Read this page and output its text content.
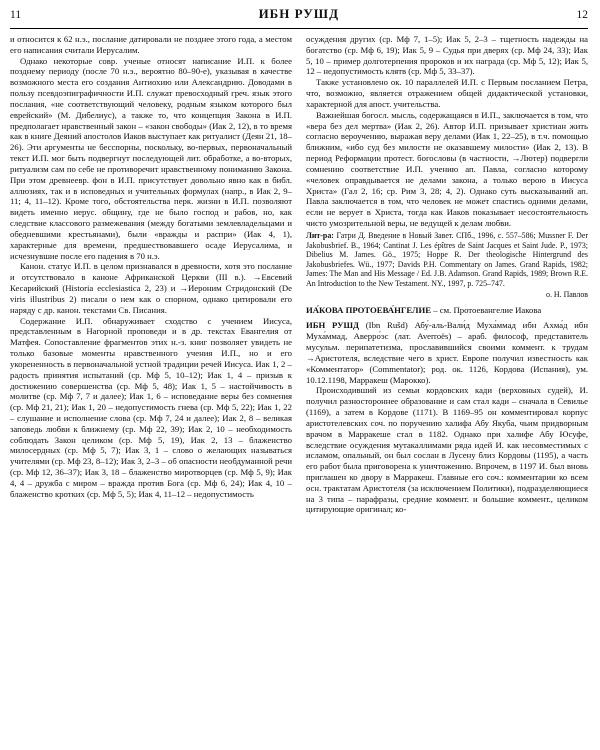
11	ИБН РУШД	12

и относится к 62 н.э., послание датировали не позднее этого года, а местом его написания считали Иерусалим.

Однако некоторые совр. ученые относят написание И.П. к более позднему периоду (после 70 н.э., вероятно 80–90-е), указывая в качестве возможного места его создания Антиохию или Александрию. Доводами в пользу псевдоэпиграфичности И.П. служат превосходный греч. язык этого послания, «не соответствующий человеку, родным языком которого был еврейский» (М. Дибелиус), а также то, что концепция Закона в И.П. предполагает нравственный закон – «закон свободы» (Иак 2, 12), в то время как в книге Деяний апостолов Иаков выступает как ритуалист (Деян 21, 18–26). Эти аргументы не бесспорны, поскольку, во-первых, первоначальный текст И.П. мог быть подвергнут последующей лит. обработке, а во-вторых, ритуализм сам по себе не противоречит нравственному пониманию Закона. При этом древнеевр. фон в И.П. присутствует довольно явно как в библ. аллюзиях, так и в исповедных и учительных формулах (напр., в Иак 2, 9–11; 4, 11–12). Кроме того, обстоятельства перк. жизни в И.П. позволяют видеть именно иерус. общину, где не было господ и рабов, но, как следствие классового размежевания (между богатыми землевладельцами и обедневшими крестьянами), были «вражды и распри» (Иак 4, 1), характерные для времени, предшествовавшего осаде Иерусалима, и исчезнувшие после его падения в 70 н.э.

Канон. статус И.П. в целом признавался в древности, хотя это послание и отсутствовало в каноне Африканской Церкви (III в.). →Евсевий Кесарийский (Historia ecclesiastica 2, 23) и →Иероним Стридонский (De viris illustribus 2) писали о нем как о спорном, однако цитировали его наряду с др. канон. текстами Св. Писания.

Содержание И.П. обнаруживает сходство с учением Иисуса, представленным в Нагорной проповеди и в др. текстах Евангелия от Матфея. Сопоставление фрагментов этих н.-з. книг позволяет увидеть не только базовые моменты нравственного учения И.П., но и его укорененность в первоначальной устной традиции речей Иисуса. Иак 1, 2 – радость принятия испытаний (ср. Мф 5, 10–12); Иак 1, 4 – призыв к достижению совершенства (ср. Мф 5, 48); Иак 1, 5 – настойчивость в молитве (ср. Мф 7, 7 и далее); Иак 1, 6 – исповедание веры без сомнения (ср. Мф 21, 21); Иак 1, 20 – недопустимость гнева (ср. Мф 5, 22); Иак 1, 22 – слушание и исполнение слова (ср. Мф 7, 24 и далее); Иак 2, 8 – великая заповедь любви к ближнему (ср. Мф 22, 39); Иак 2, 10 – необходимость соблюдать Закон целиком (ср. Мф 5, 19), Иак 2, 13 – блаженство милосердных (ср. Мф 5, 7); Иак 3, 1 – слово о желающих называться учителями (ср. Мф 23, 8–12); Иак 3, 2–3 – об опасности необдуманной речи (ср. Мф 12, 36–37); Иак 3, 18 – блаженство миротворцев (ср. Мф 5, 9); Иак 4, 4 – дружба с миром – вражда против Бога (ср. Мф 6, 24); Иак 4, 10 – блаженство кротких (ср. Мф 5, 5); Иак 4, 11–12 – недопустимость

осуждения других (ср. Мф 7, 1–5); Иак 5, 2–3 – тщетность надежды на богатство (ср. Мф 6, 19); Иак 5, 9 – Судья при дверях (ср. Мф 24, 33); Иак 5, 10 – пример долготерпения пророков и их награда (ср. Мф 5, 12); Иак 5, 12 – недопустимость клятв (ср. Мф 5, 33–37).

Также установлено ок. 10 параллелей И.П. с Первым посланием Петра, что, возможно, является отражением общей дидактической установки, характерной для апост. учительства.

Важнейшая богосл. мысль, содержащаяся в И.П., заключается в том, что «вера без дел мертва» (Иак 2, 26). Автор И.П. призывает христиан жить согласно вероучению, выражая веру делами (Иак 1, 22–25), в т.ч. помощью ближним, «ибо суд без милости не оказавшему милости» (Иак 2, 13). В период Реформации протест. богословы (в частности, →Лютер) подвергли сомнению соответствие И.П. учению ап. Павла, согласно которому «человек оправдывается не делами закона, а только верою в Иисуса Христа» (Гал 2, 16; ср. Рим 3, 28; 4, 2). Однако суть высказываний ап. Павла заключается в том, что человек не может спастись одними делами, если не верует в Христа, тогда как Иаков показывает несостоятельность чисто умозрительной веры, не ведущей к делам любви.

Лит-ра: Гатри Д. Введение в Новый Завет. СПб., 1996, с. 557–586; Mussner F. Der Jakobusbrief. B., 1964; Cantinat J. Les épîtres de Saint Jacques et Saint Jude. P., 1973; Dibelius M. James. Gö., 1975; Hoppe R. Der theologische Hintergrund des Jakobusbriefes. Wü., 1977; Davids P.H. Commentary on James. Grand Rapids, 1982; James: The Man and His Message / Ed. J.B. Adamson. Grand Rapids, 1989; Brown R.E. An Introduction to the New Testament. NY., 1997, p. 725–747.

о. Н. Павлов

ИА́КОВА ПРОТОЕВА́НГЕЛИЕ – см. Протоевангелие Иакова

ИБН РУШД (Ibn Rušd) Абу́-аль-Вали́д Муха́ммад ибн Ахма́д ибн Муха́ммад, Аверро́эс (лат. Averroës) – араб. философ, представитель мусульм. перипатетизма, прославившийся своими коммент. к трудам →Аристотеля, вследствие чего в христ. Европе получил известность как «Комментатор» (Commentator); род. ок. 1126, Кордова (Испания), ум. 10.12.1198, Марракеш (Марокко).

Происходивший из семьи кордовских кади (верховных судей), И. получил разностороннее образование и сам стал кади – сначала в Севилье (1169), а затем в Кордове (1171). В 1169–95 он комментировал корпус аристотелевских соч. по поручению халифа Абу Якуба, чьим придворным врачом в Марракеше стал в 1182. Однако при халифе Абу Юсуфе, вследствие осуждения мутакаллимами ряда идей И. как несовместимых с исламом, опальный, он был сослан в Лусену близ Кордовы (1195), а часть его работ была приговорена к уничтожению. Впрочем, в 1197 И. был вновь приглашен ко двору в Марракеш. Главные его соч.: комментарии ко всем осн. трактатам Аристотеля (за исключением Политики), подразделяющиеся на 3 типа – парафразы, средние коммент. и большие коммент., целиком цитирующие оригинал; ко-
